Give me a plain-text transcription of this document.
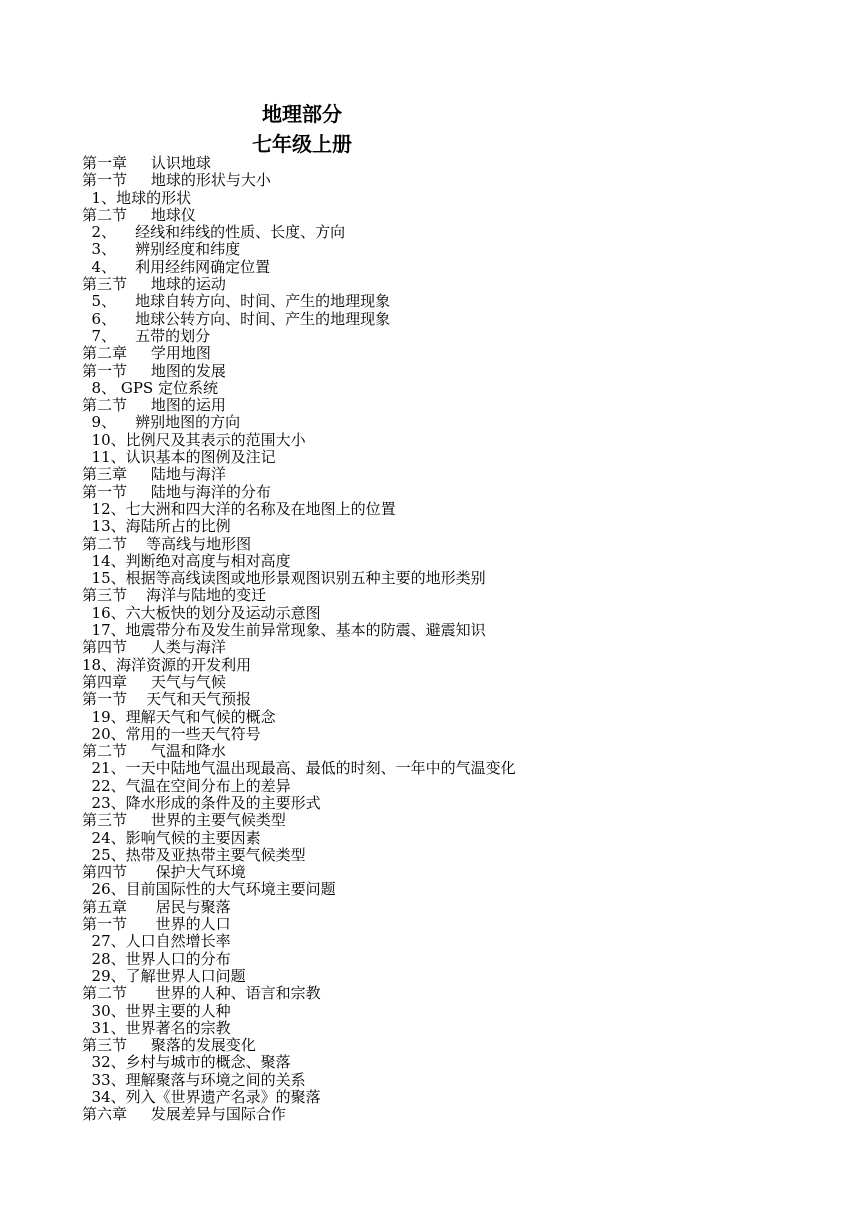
地理部分
七年级上册
第一章     认识地球
第一节     地球的形状与大小
1、地球的形状
第二节     地球仪
2、    经线和纬线的性质、长度、方向
3、    辨别经度和纬度
4、    利用经纬网确定位置
第三节     地球的运动
5、    地球自转方向、时间、产生的地理现象
6、    地球公转方向、时间、产生的地理现象
7、    五带的划分
第二章     学用地图
第一节     地图的发展
8、 GPS 定位系统
第二节     地图的运用
9、    辨别地图的方向
10、比例尺及其表示的范围大小
11、认识基本的图例及注记
第三章     陆地与海洋
第一节     陆地与海洋的分布
12、七大洲和四大洋的名称及在地图上的位置
13、海陆所占的比例
第二节    等高线与地形图
14、判断绝对高度与相对高度
15、根据等高线读图或地形景观图识别五种主要的地形类别
第三节    海洋与陆地的变迁
16、六大板快的划分及运动示意图
17、地震带分布及发生前异常现象、基本的防震、避震知识
第四节     人类与海洋
18、海洋资源的开发利用
第四章     天气与气候
第一节    天气和天气预报
19、理解天气和气候的概念
20、常用的一些天气符号
第二节     气温和降水
21、一天中陆地气温出现最高、最低的时刻、一年中的气温变化
22、气温在空间分布上的差异
23、降水形成的条件及的主要形式
第三节     世界的主要气候类型
24、影响气候的主要因素
25、热带及亚热带主要气候类型
第四节      保护大气环境
26、目前国际性的大气环境主要问题
第五章      居民与聚落
第一节      世界的人口
27、人口自然增长率
28、世界人口的分布
29、了解世界人口问题
第二节      世界的人种、语言和宗教
30、世界主要的人种
31、世界著名的宗教
第三节     聚落的发展变化
32、乡村与城市的概念、聚落
33、理解聚落与环境之间的关系
34、列入《世界遗产名录》的聚落
第六章     发展差异与国际合作
